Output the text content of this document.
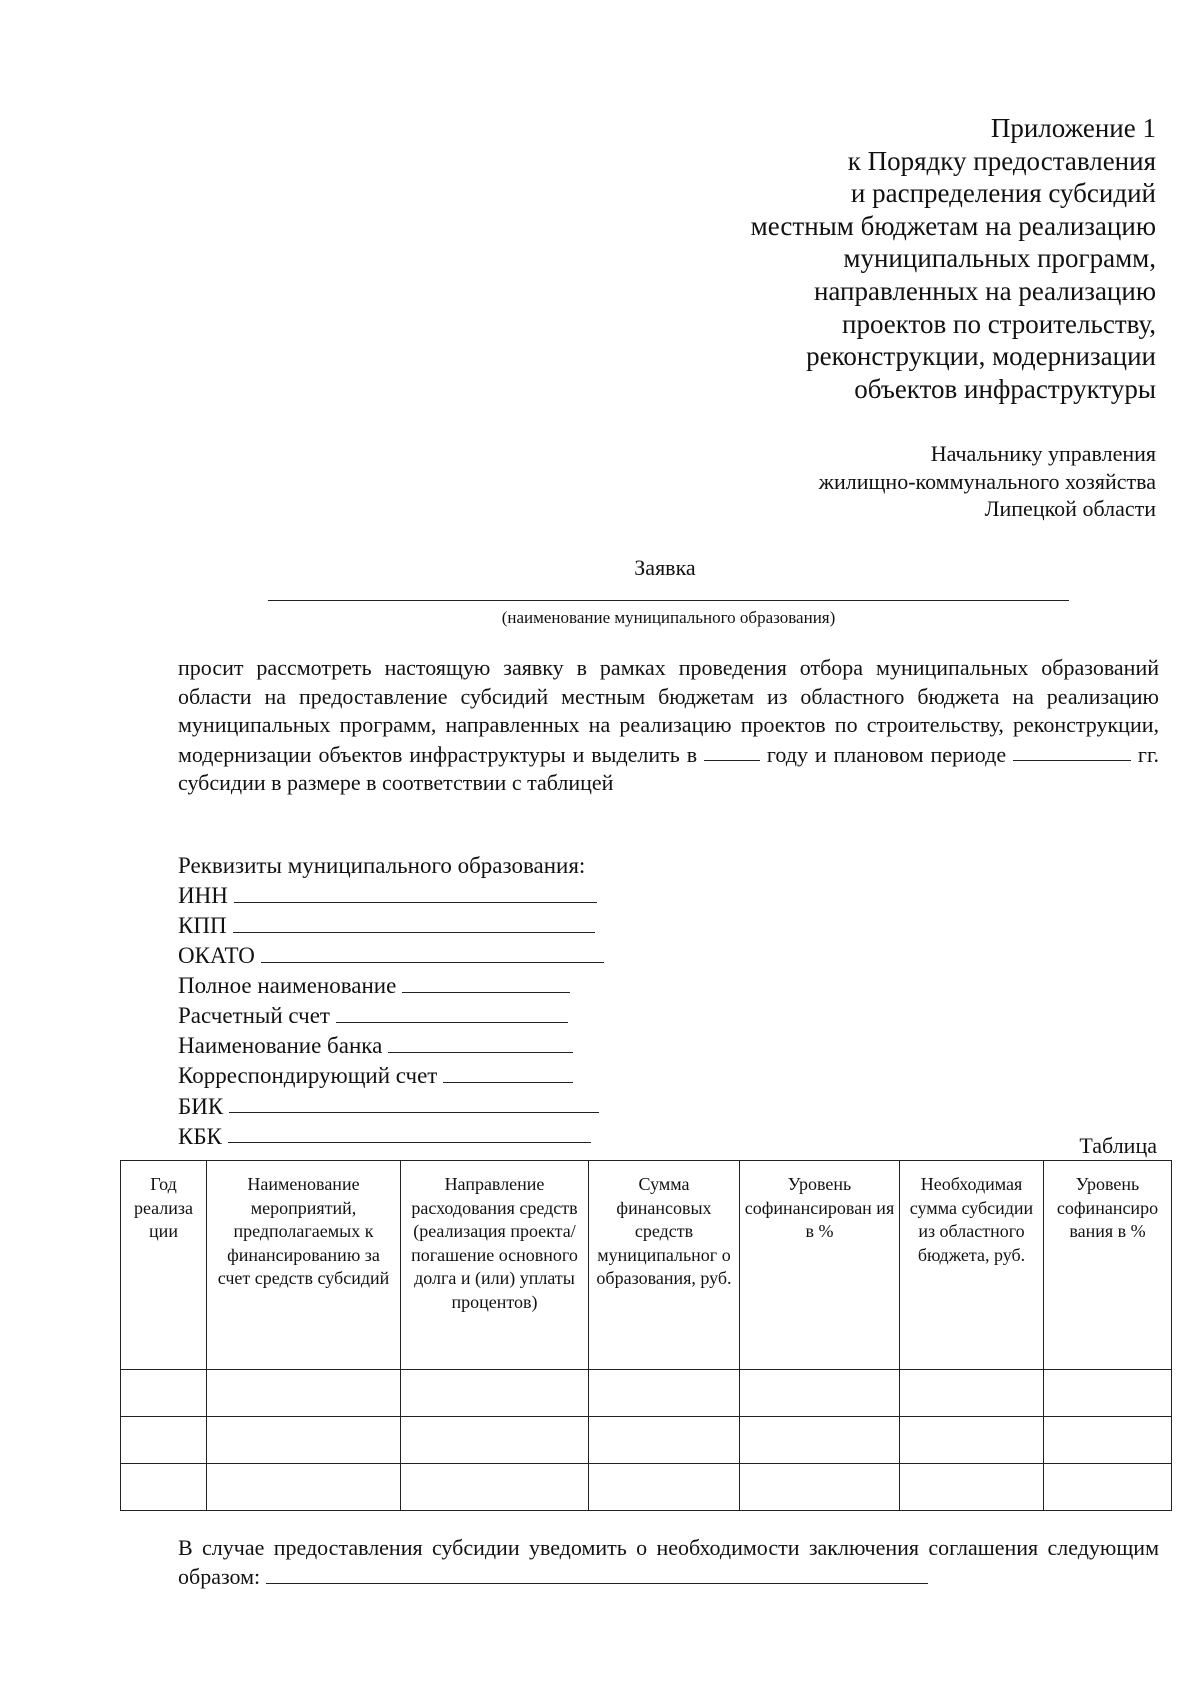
Приложение 1
к Порядку предоставления
и распределения субсидий
местным бюджетам на реализацию
муниципальных программ,
направленных на реализацию
проектов по строительству,
реконструкции, модернизации
объектов инфраструктуры
Начальнику управления
жилищно-коммунального хозяйства
Липецкой области
Заявка
(наименование муниципального образования)
просит рассмотреть настоящую заявку в рамках проведения отбора муниципальных образований области на предоставление субсидий местным бюджетам из областного бюджета на реализацию муниципальных программ, направленных на реализацию проектов по строительству, реконструкции, модернизации объектов инфраструктуры и выделить в	году и плановом периоде	гг. субсидии в размере в соответствии с таблицей
Реквизиты муниципального образования:
ИНН
КПП
ОКАТО
Полное наименование
Расчетный счет
Наименование банка
Корреспондирующий счет
БИК
КБК	Таблица
Год реализа ции	Наименование мероприятий, предполагаемых к финансированию за счет средств субсидий	Направление расходования средств (реализация проекта/погашение основного долга и (или) уплаты процентов)	Сумма финансовых средств муниципальног о образования, руб.	Уровень софинансирован ия в %	Необходимая сумма субсидии из областного бюджета, руб.	Уровень софинансиро вания в %

В случае предоставления субсидии уведомить о необходимости заключения соглашения следующим образом:
